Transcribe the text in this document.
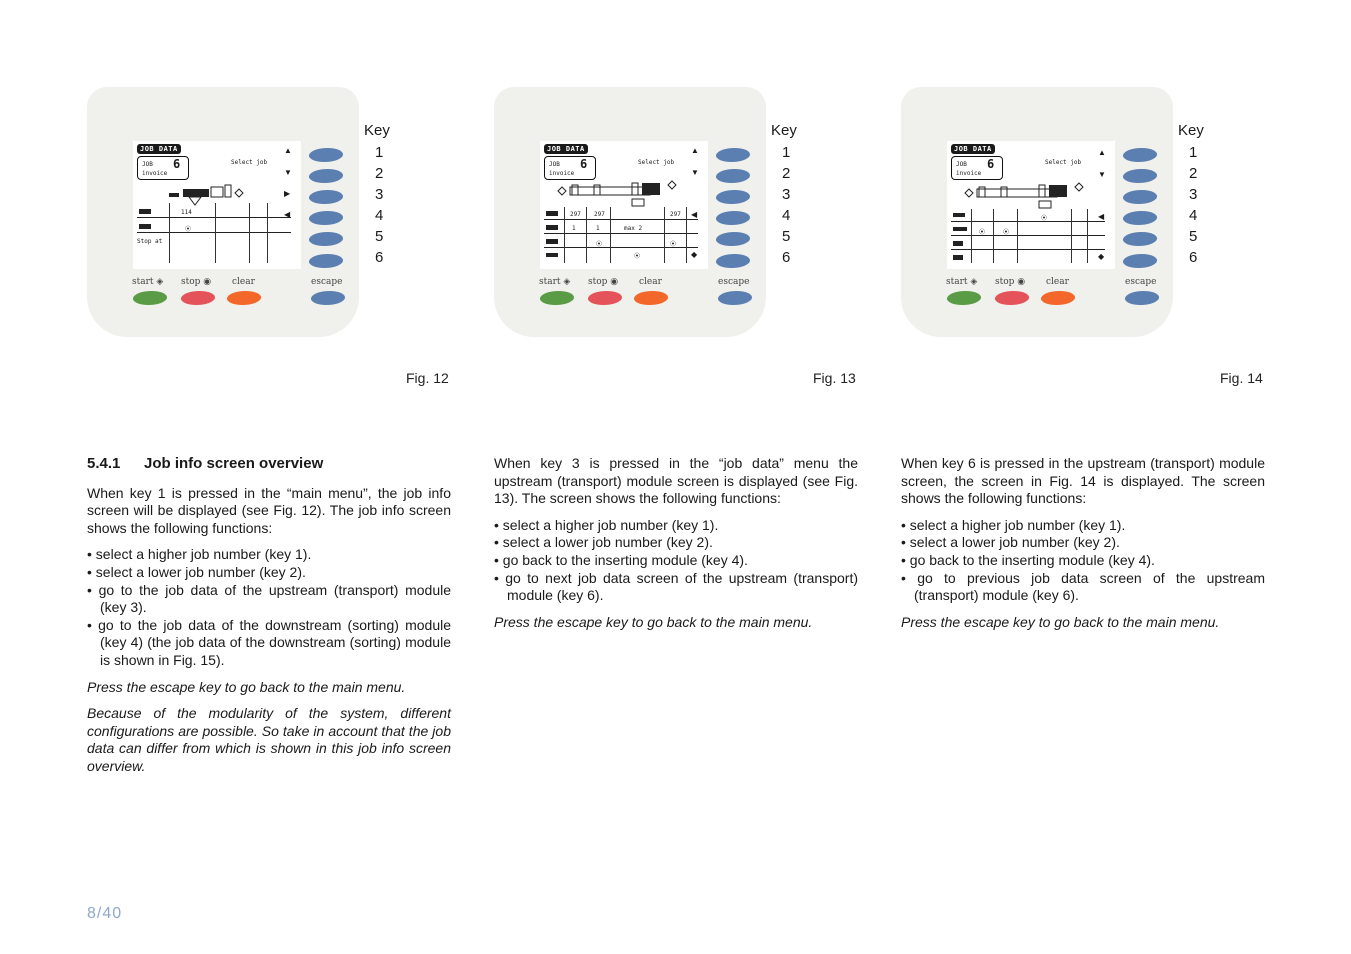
JOB DATA
JOB
invoice
6	Select job
▲
▼
▶
◀
114
⦿
Stop at
start ◈ stop ◉ clear	escape
Key
1
2
3
4
5
6
Fig. 12
JOB DATA
JOB
invoice
6	Select job
▲
▼
◀
◆
297 297	297
1	1	max 2
⦿	⦿
⦿
start ◈ stop ◉ clear	escape
Key
1
2
3
4
5
6
Fig. 13
JOB DATA
JOB
invoice
6	Select job
▲
▼
◀
◆
⦿
⦿	⦿
start ◈ stop ◉ clear	escape
Key
1
2
3
4
5
6
Fig. 14

5.4.1 Job info screen overview

When key 1 is pressed in the “main menu”, the job info screen will be displayed (see Fig. 12). The job info screen shows the following functions:

• select a higher job number (key 1).
• select a lower job number (key 2).
• go to the job data of the upstream (transport) module (key 3).
• go to the job data of the downstream (sorting) module (key 4) (the job data of the downstream (sorting) module is shown in Fig. 15).

Press the escape key to go back to the main menu.

Because of the modularity of the system, different configurations are possible. So take in account that the job data can differ from which is shown in this job info screen overview.

When key 3 is pressed in the “job data” menu the upstream (transport) module screen is displayed (see Fig. 13). The screen shows the following functions:

• select a higher job number (key 1).
• select a lower job number (key 2).
• go back to the inserting module (key 4).
• go to next job data screen of the upstream (transport) module (key 6).

Press the escape key to go back to the main menu.

When key 6 is pressed in the upstream (transport) module screen, the screen in Fig. 14 is displayed. The screen shows the following functions:

• select a higher job number (key 1).
• select a lower job number (key 2).
• go back to the inserting module (key 4).
• go to previous job data screen of the upstream (transport) module (key 6).

Press the escape key to go back to the main menu.

8/40
